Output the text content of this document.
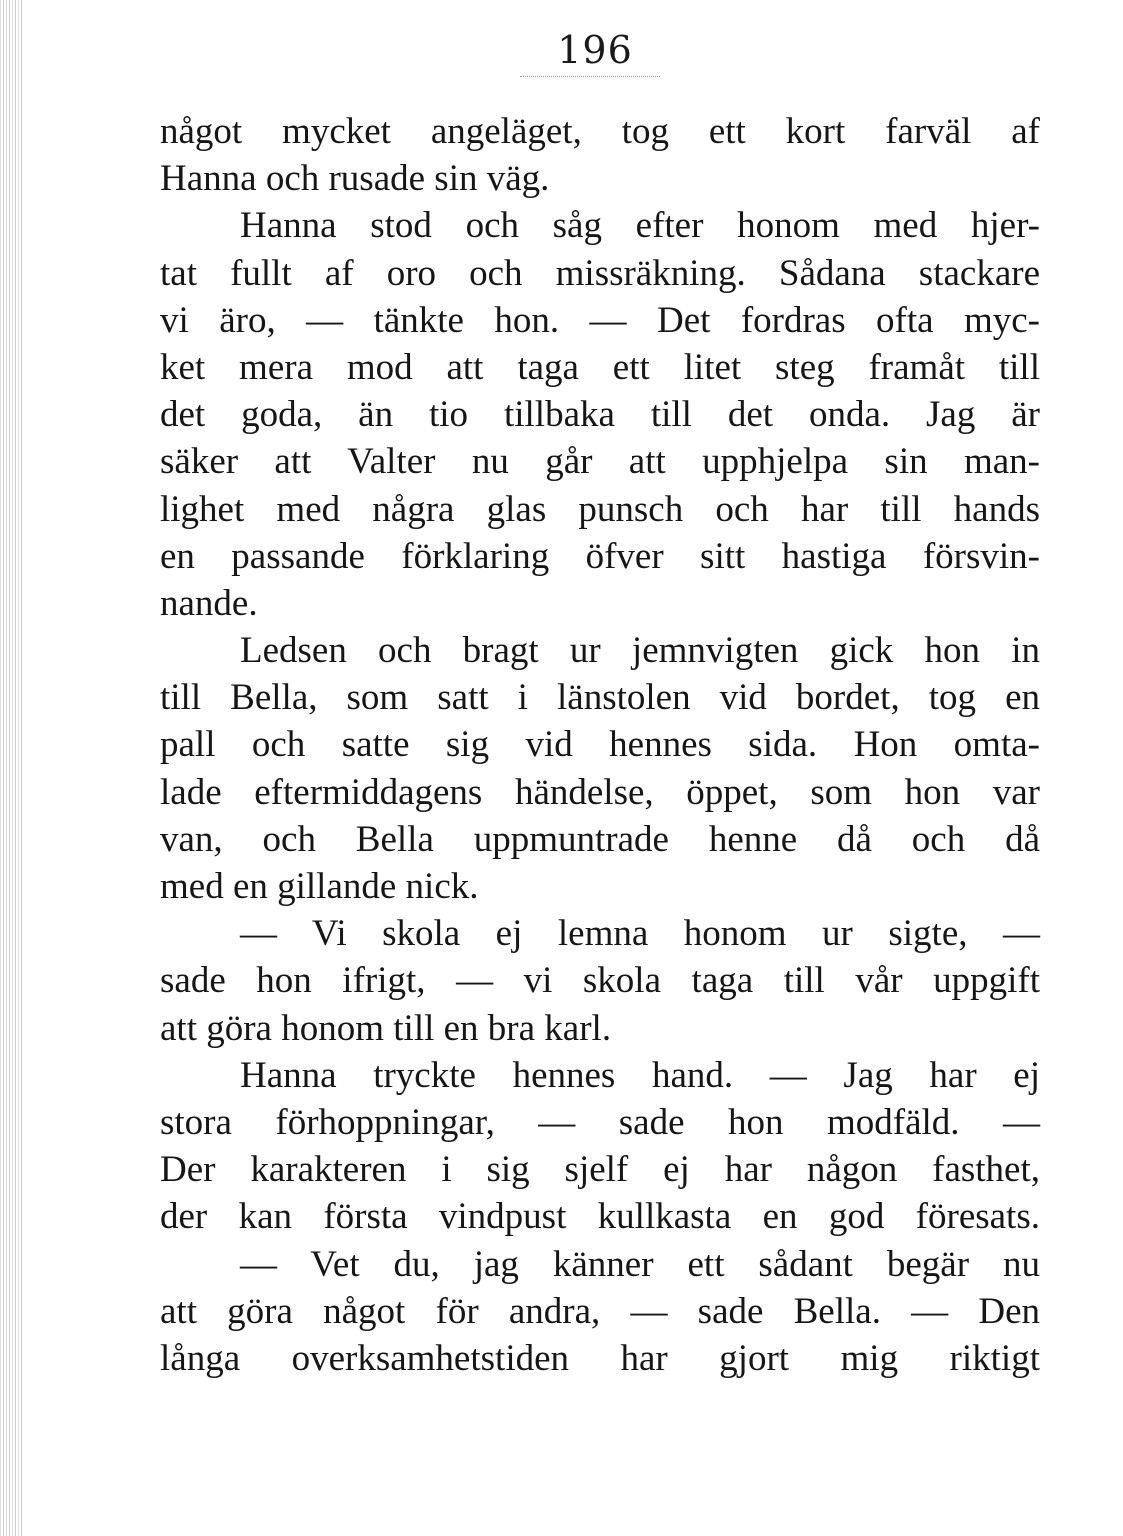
196
något mycket angeläget, tog ett kort farväl af
Hanna och rusade sin väg.
Hanna stod och såg efter honom med hjer-
tat fullt af oro och missräkning. Sådana stackare
vi äro, — tänkte hon. — Det fordras ofta myc-
ket mera mod att taga ett litet steg framåt till
det goda, än tio tillbaka till det onda. Jag är
säker att Valter nu går att upphjelpa sin man-
lighet med några glas punsch och har till hands
en passande förklaring öfver sitt hastiga försvin-
nande.
Ledsen och bragt ur jemnvigten gick hon in
till Bella, som satt i länstolen vid bordet, tog en
pall och satte sig vid hennes sida. Hon omta-
lade eftermiddagens händelse, öppet, som hon var
van, och Bella uppmuntrade henne då och då
med en gillande nick.
— Vi skola ej lemna honom ur sigte, —
sade hon ifrigt, — vi skola taga till vår uppgift
att göra honom till en bra karl.
Hanna tryckte hennes hand. — Jag har ej
stora förhoppningar, — sade hon modfäld. —
Der karakteren i sig sjelf ej har någon fasthet,
der kan första vindpust kullkasta en god föresats.
— Vet du, jag känner ett sådant begär nu
att göra något för andra, — sade Bella. — Den
långa overksamhetstiden har gjort mig riktigt
